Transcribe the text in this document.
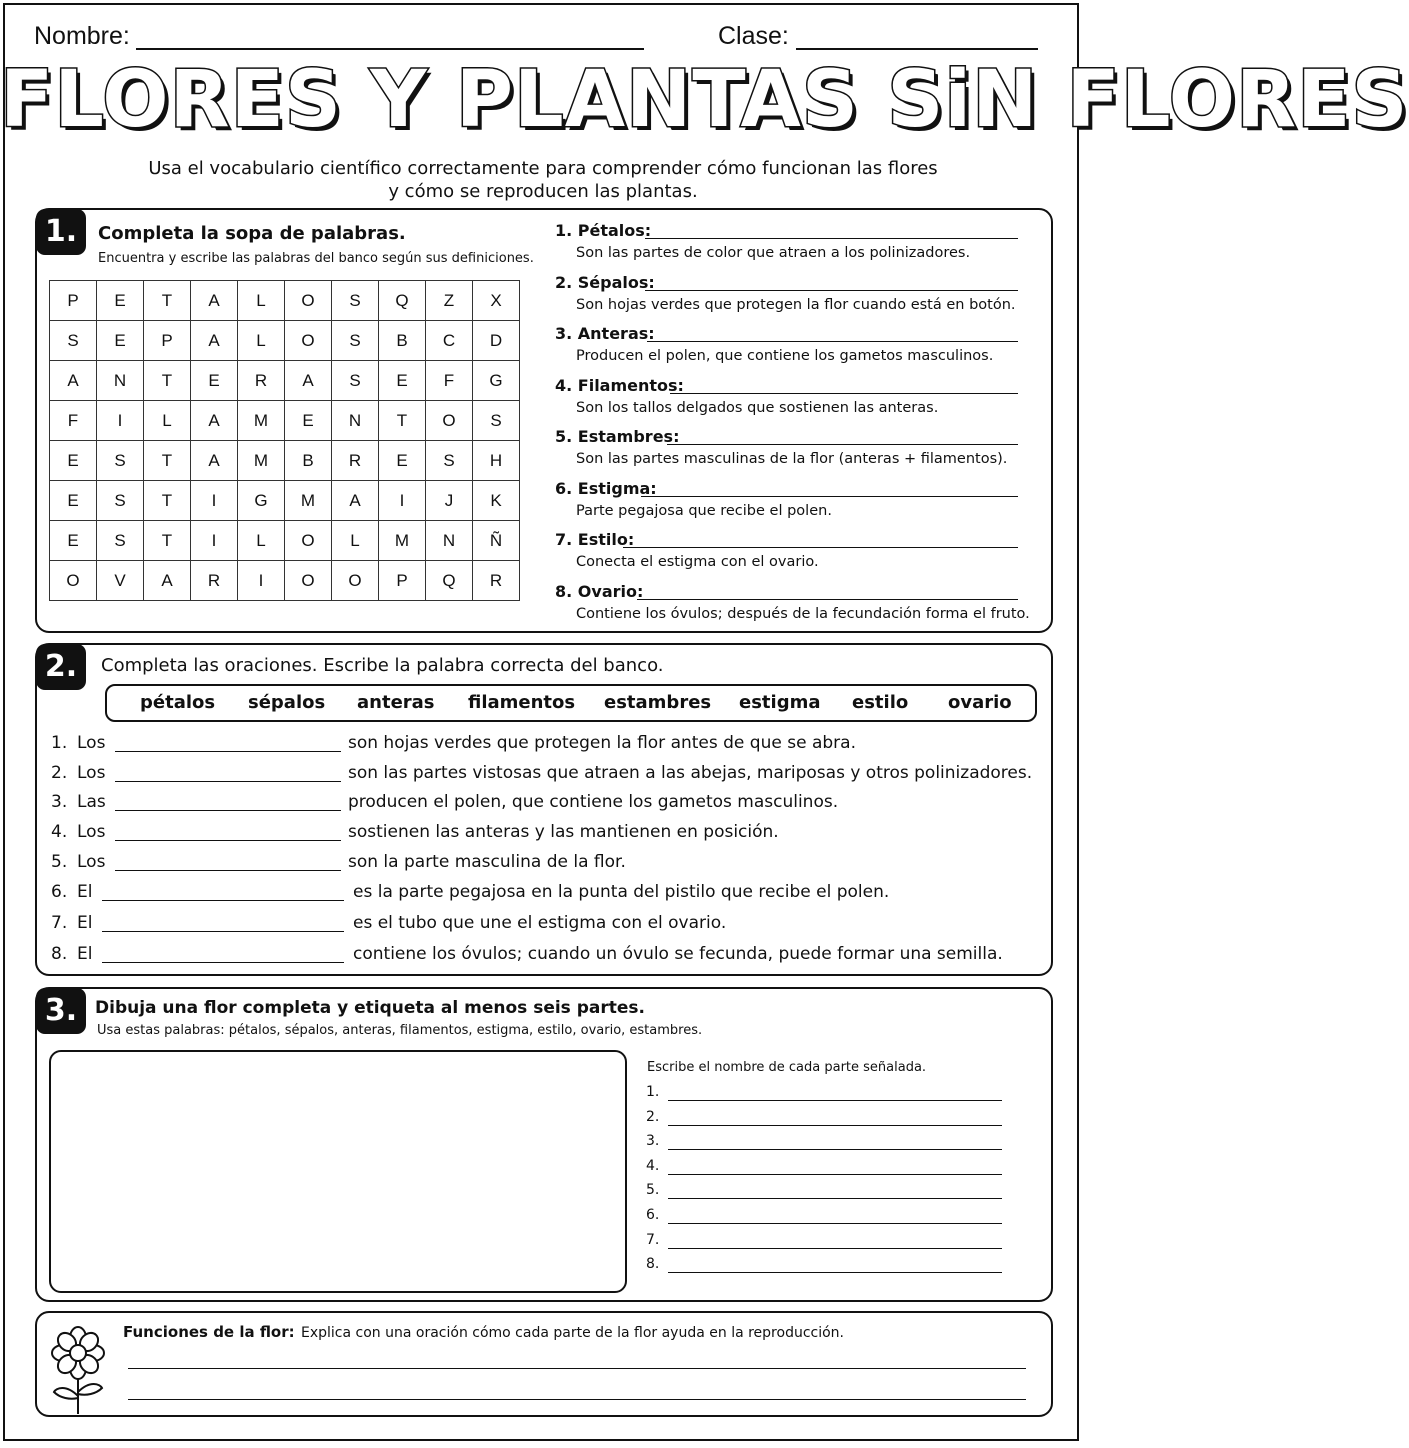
Nombre:	Clase:
FLORES Y PLANTAS SiN FLORES
Usa el vocabulario científico correctamente para comprender cómo funcionan las flores
y cómo se reproducen las plantas.
1.	Completa la sopa de palabras.
Encuentra y escribe las palabras del banco según sus definiciones.
P	E	T	A	L	O	S	Q	Z	X
S	E	P	A	L	O	S	B	C	D
A	N	T	E	R	A	S	E	F	G
F	I	L	A	M	E	N	T	O	S
E	S	T	A	M	B	R	E	S	H
E	S	T	I	G	M	A	I	J	K
E	S	T	I	L	O	L	M	N	Ñ
O	V	A	R	I	O	O	P	Q	R
1. Pétalos:
Son las partes de color que atraen a los polinizadores.
2. Sépalos:
Son hojas verdes que protegen la flor cuando está en botón.
3. Anteras:
Producen el polen, que contiene los gametos masculinos.
4. Filamentos:
Son los tallos delgados que sostienen las anteras.
5. Estambres:
Son las partes masculinas de la flor (anteras + filamentos).
6. Estigma:
Parte pegajosa que recibe el polen.
7. Estilo:
Conecta el estigma con el ovario.
8. Ovario:
Contiene los óvulos; después de la fecundación forma el fruto.
2.	Completa las oraciones. Escribe la palabra correcta del banco.
pétalos sépalos anteras filamentos estambres estigma estilo ovario
1. Los	son hojas verdes que protegen la flor antes de que se abra.
2. Los	son las partes vistosas que atraen a las abejas, mariposas y otros polinizadores.
3. Las	producen el polen, que contiene los gametos masculinos.
4. Los	sostienen las anteras y las mantienen en posición.
5. Los	son la parte masculina de la flor.
6. El	es la parte pegajosa en la punta del pistilo que recibe el polen.
7. El	es el tubo que une el estigma con el ovario.
8. El	contiene los óvulos; cuando un óvulo se fecunda, puede formar una semilla.
3.	Dibuja una flor completa y etiqueta al menos seis partes.
Usa estas palabras: pétalos, sépalos, anteras, filamentos, estigma, estilo, ovario, estambres.
Escribe el nombre de cada parte señalada.
1.
2.
3.
4.
5.
6.
7.
8.
Funciones de la flor: Explica con una oración cómo cada parte de la flor ayuda en la reproducción.
